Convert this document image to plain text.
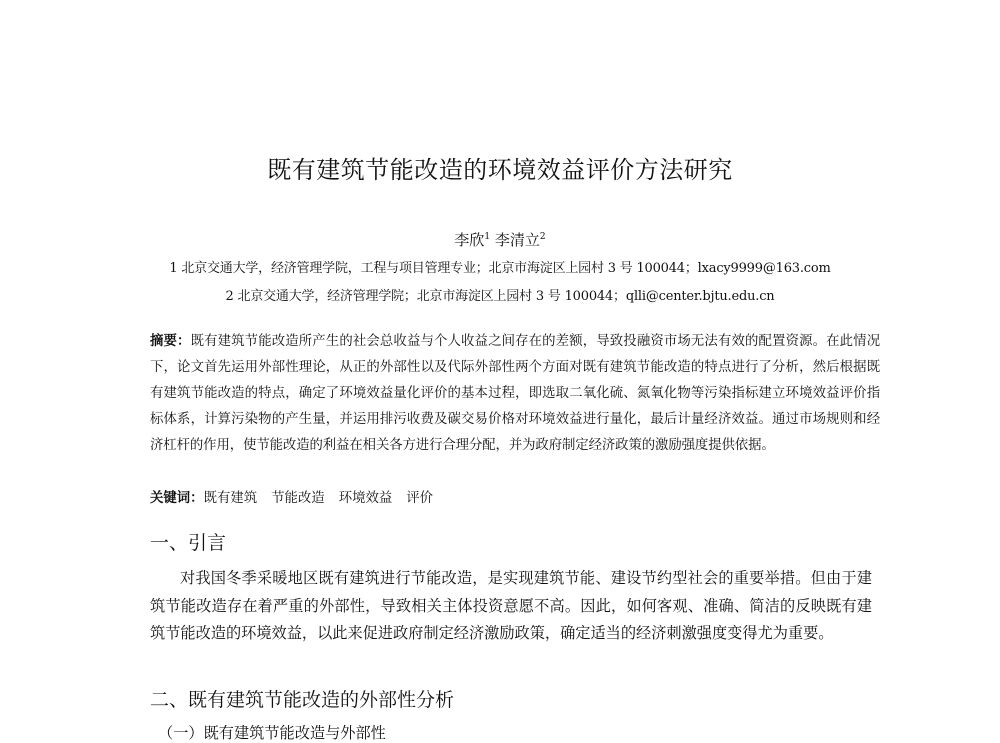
既有建筑节能改造的环境效益评价方法研究
李欣$^1$ 李清立$^2$
1 北京交通大学，经济管理学院，工程与项目管理专业；北京市海淀区上园村 3 号 100044；lxacy9999@163.com
2 北京交通大学，经济管理学院；北京市海淀区上园村 3 号 100044；qlli@center.bjtu.edu.cn
摘要：既有建筑节能改造所产生的社会总收益与个人收益之间存在的差额，导致投融资市场无法有效的配置资源。在此情况下，论文首先运用外部性理论，从正的外部性以及代际外部性两个方面对既有建筑节能改造的特点进行了分析，然后根据既有建筑节能改造的特点，确定了环境效益量化评价的基本过程，即选取二氧化硫、氮氧化物等污染指标建立环境效益评价指标体系，计算污染物的产生量，并运用排污收费及碳交易价格对环境效益进行量化，最后计量经济效益。通过市场规则和经济杠杆的作用，使节能改造的利益在相关各方进行合理分配，并为政府制定经济政策的激励强度提供依据。
关键词：既有建筑 节能改造 环境效益 评价
一、引言
对我国冬季采暖地区既有建筑进行节能改造，是实现建筑节能、建设节约型社会的重要举措。但由于建筑节能改造存在着严重的外部性，导致相关主体投资意愿不高。因此，如何客观、准确、简洁的反映既有建筑节能改造的环境效益，以此来促进政府制定经济激励政策，确定适当的经济刺激强度变得尤为重要。
二、既有建筑节能改造的外部性分析
（一）既有建筑节能改造与外部性
